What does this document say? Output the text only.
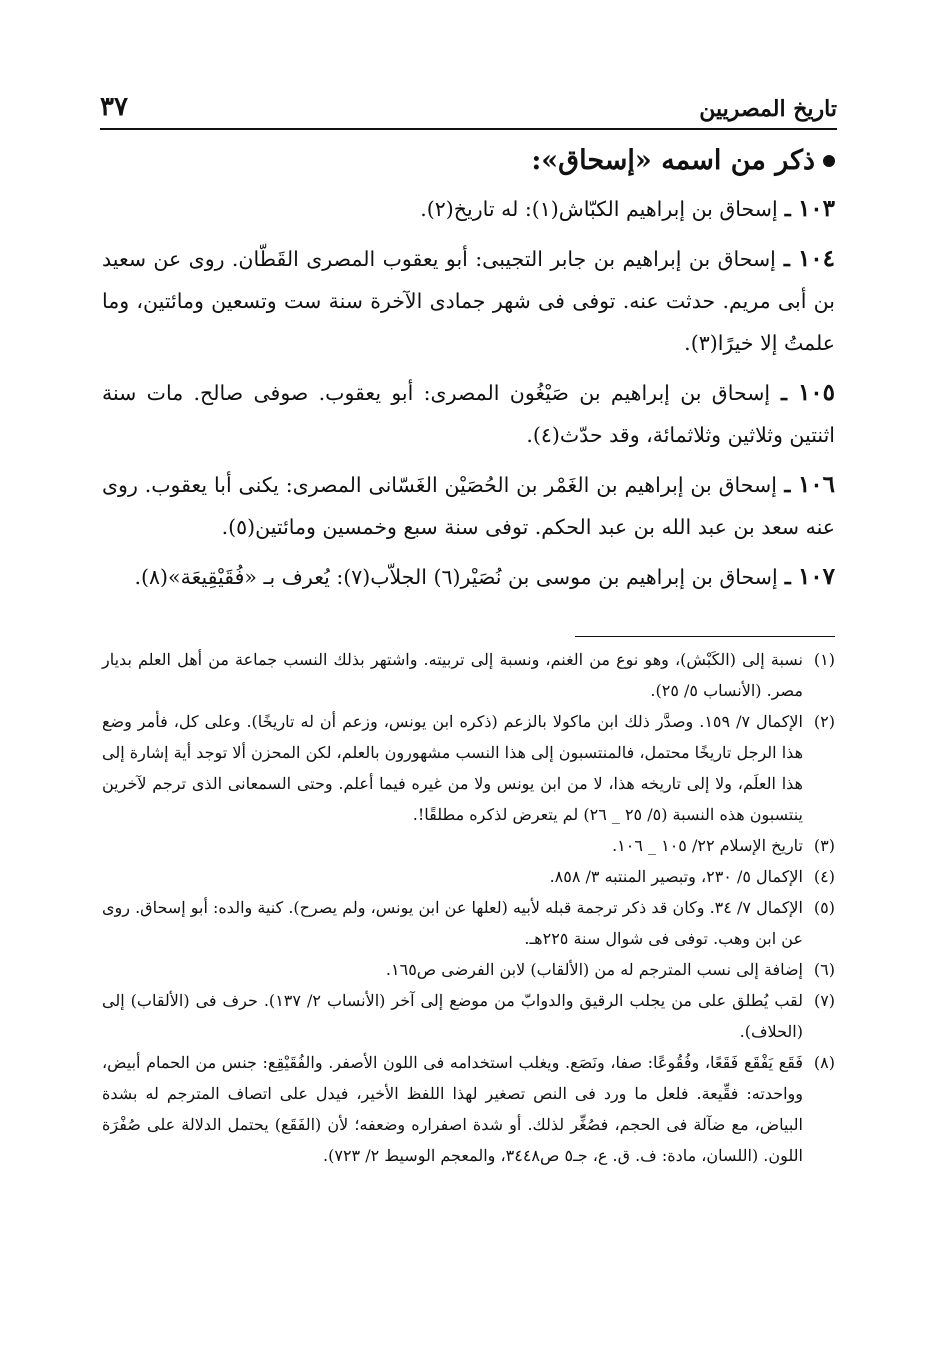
تاريخ المصريين
٣٧
ذكر من اسمه «إسحاق»:

١٠٣ ـ إسحاق بن إبراهيم الكبّاش(١): له تاريخ(٢).

١٠٤ ـ إسحاق بن إبراهيم بن جابر التجيبى: أبو يعقوب المصرى القَطّان. روى عن سعيد بن أبى مريم. حدثت عنه. توفى فى شهر جمادى الآخرة سنة ست وتسعين ومائتين، وما علمتُ إلا خيرًا(٣).

١٠٥ ـ إسحاق بن إبراهيم بن صَيْغُون المصرى: أبو يعقوب. صوفى صالح. مات سنة اثنتين وثلاثين وثلاثمائة، وقد حدّث(٤).

١٠٦ ـ إسحاق بن إبراهيم بن الغَمْر بن الحُصَيْن الغَسّانى المصرى: يكنى أبا يعقوب. روى عنه سعد بن عبد الله بن عبد الحكم. توفى سنة سبع وخمسين ومائتين(٥).

١٠٧ ـ إسحاق بن إبراهيم بن موسى بن نُصَيْر(٦) الجلاّب(٧): يُعرف بـ «فُقَيْقِيعَة»(٨).

(١)نسبة إلى (الكَبْش)، وهو نوع من الغنم، ونسبة إلى تربيته. واشتهر بذلك النسب جماعة من أهل العلم بديار مصر. (الأنساب ٥/ ٢٥).

(٢)الإكمال ٧/ ١٥٩. وصدَّر ذلك ابن ماكولا بالزعم (ذكره ابن يونس، وزعم أن له تاريخًا). وعلى كل، فأمر وضع هذا الرجل تاريخًا محتمل، فالمنتسبون إلى هذا النسب مشهورون بالعلم، لكن المحزن ألا توجد أية إشارة إلى هذا العلَم، ولا إلى تاريخه هذا، لا من ابن يونس ولا من غيره فيما أعلم. وحتى السمعانى الذى ترجم لآخرين ينتسبون هذه النسبة (٥/ ٢٥ _ ٢٦) لم يتعرض لذكره مطلقًا!.

(٣)تاريخ الإسلام ٢٢/ ١٠٥ _ ١٠٦.

(٤)الإكمال ٥/ ٢٣٠، وتبصير المنتبه ٣/ ٨٥٨.

(٥)الإكمال ٧/ ٣٤. وكان قد ذكر ترجمة قبله لأبيه (لعلها عن ابن يونس، ولم يصرح). كنية والده: أبو إسحاق. روى عن ابن وهب. توفى فى شوال سنة ٢٢٥هـ.

(٦)إضافة إلى نسب المترجم له من (الألقاب) لابن الفرضى ص١٦٥.

(٧)لقب يُطلق على من يجلب الرقيق والدوابّ من موضع إلى آخر (الأنساب ٢/ ١٣٧). حرف فى (الألقاب) إلى (الحلاف).

(٨)فَقَع يَفْقَع فَقَعًا، وفُقُوعًا: صفا، ونَصَع. ويغلب استخدامه فى اللون الأصفر. والفُقَيْقِع: جنس من الحمام أبيض، وواحدته: فقِّيعة. فلعل ما ورد فى النص تصغير لهذا اللفظ الأخير، فيدل على اتصاف المترجم له بشدة البياض، مع ضآلة فى الحجم، فصُغِّر لذلك. أو شدة اصفراره وضعفه؛ لأن (الفَقَع) يحتمل الدلالة على صُفْرَة اللون. (اللسان، مادة: ف. ق. ع، جـ٥ ص٣٤٤٨، والمعجم الوسيط ٢/ ٧٢٣).
